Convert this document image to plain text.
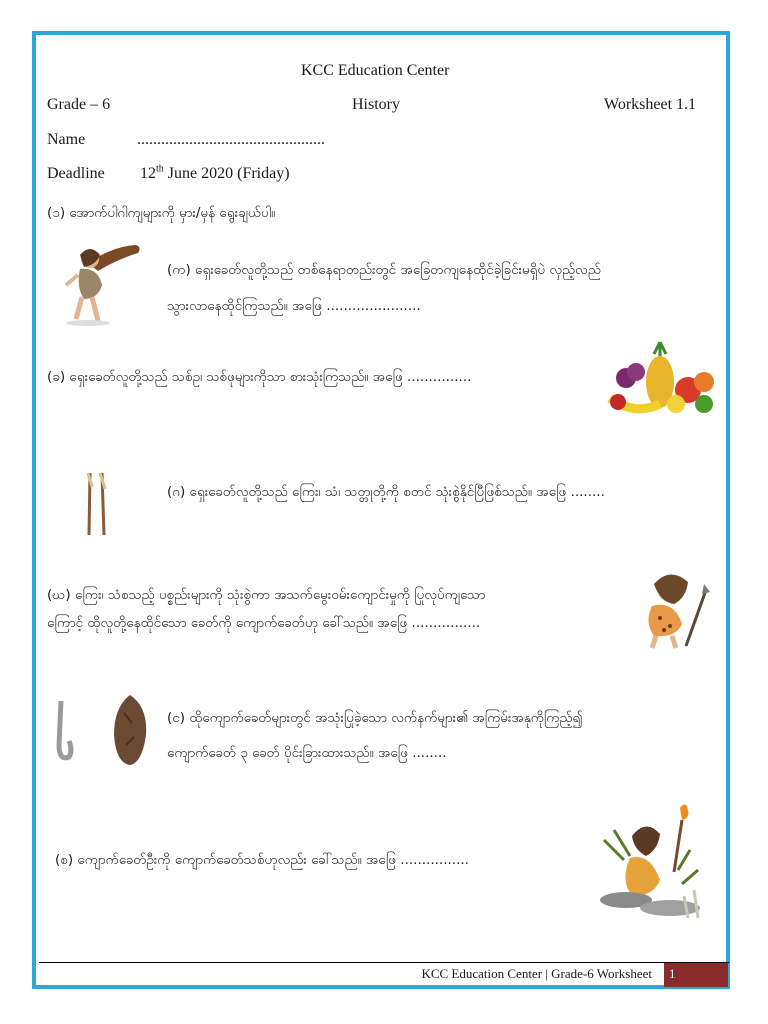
KCC Education Center
Grade – 6	History	Worksheet 1.1
Name	...............................................
Deadline 12th June 2020 (Friday)
(၁) အောက်ပါဂါကျများကို မှား/မှန် ရွေးချယ်ပါ။
(က) ရှေးခေတ်လူတို့သည် တစ်နေရာတည်းတွင် အခြေတကျနေထိုင်ခဲ့ခြင်းမရှိပဲ လှည့်လည်
သွားလာနေထိုင်ကြသည်။ အဖြေ ......................
(ခ) ရှေးခေတ်လူတို့သည် သစ်ဥ၊ သစ်ဖုများကိုသာ စားသုံးကြသည်။ အဖြေ ...............
(ဂ) ရှေးခေတ်လူတို့သည် ကြေး၊ သံ၊ သတ္တုတို့ကို စတင် သုံးစွဲနိုင်ပြီဖြစ်သည်။ အဖြေ ........
(ဃ) ကြေး၊ သံစသည့် ပစ္စည်းများကို သုံးစွဲကာ အသက်မွေးဝမ်းကျောင်းမှုကို ပြုလုပ်ကျသော
ကြောင့် ထိုလူတို့နေထိုင်သော ခေတ်ကို ကျောက်ခေတ်ဟု ခေါ်သည်။ အဖြေ ................
(င) ထိုကျောက်ခေတ်များတွင် အသုံးပြုခဲ့သော လက်နက်များ၏ အကြမ်းအနုကိုကြည့်၍
ကျောက်ခေတ် ၃ ခေတ် ပိုင်းခြားထားသည်။ အဖြေ ........
(စ) ကျောက်ခေတ်ဦးကို ကျောက်ခေတ်သစ်ဟုလည်း ခေါ်သည်။ အဖြေ ................
KCC Education Center | Grade-6 Worksheet 1
